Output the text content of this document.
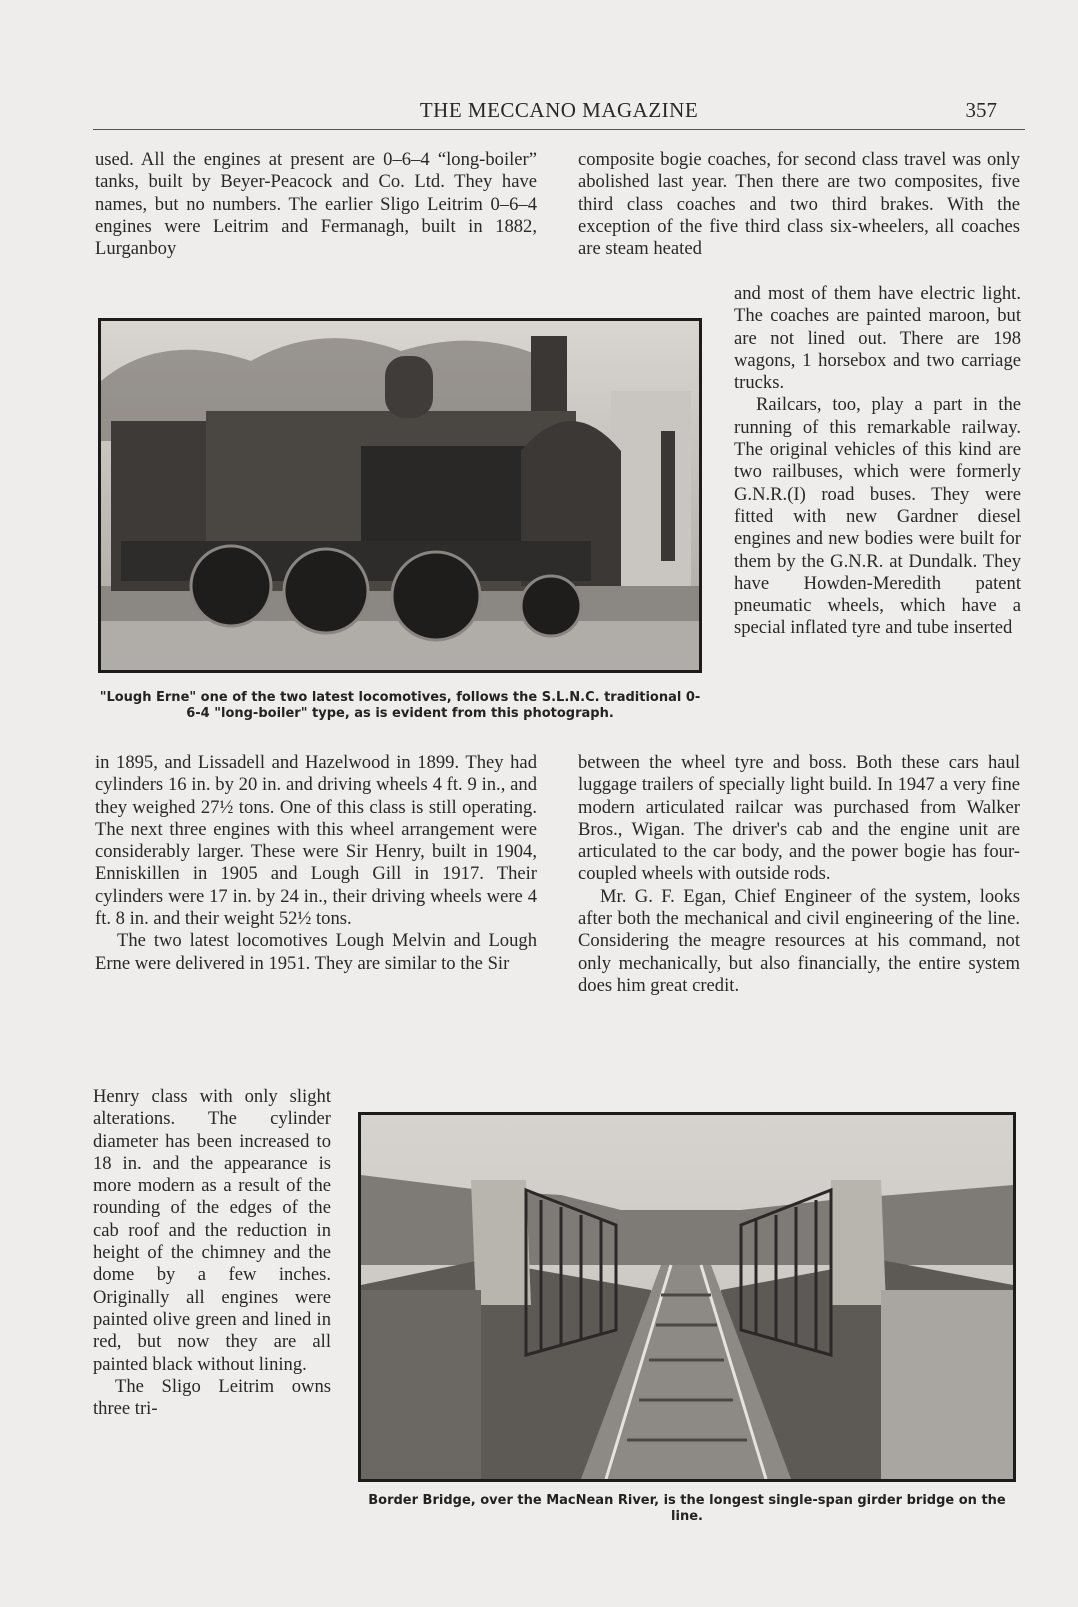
THE MECCANO MAGAZINE	357

used. All the engines at present are 0–6–4 “long-boiler” tanks, built by Beyer-Peacock and Co. Ltd. They have names, but no numbers. The earlier Sligo Leitrim 0–6–4 engines were Leitrim and Fermanagh, built in 1882, Lurganboy

composite bogie coaches, for second class travel was only abolished last year. Then there are two composites, five third class coaches and two third brakes. With the exception of the five third class six-wheelers, all coaches are steam heated

"Lough Erne" one of the two latest locomotives, follows the S.L.N.C. traditional 0-6-4 "long-boiler" type, as is evident from this photograph.

and most of them have electric light. The coaches are painted maroon, but are not lined out. There are 198 wagons, 1 horsebox and two carriage trucks.

Railcars, too, play a part in the running of this remarkable railway. The original vehicles of this kind are two railbuses, which were formerly G.N.R.(I) road buses. They were fitted with new Gardner diesel engines and new bodies were built for them by the G.N.R. at Dundalk. They have Howden-Meredith patent pneumatic wheels, which have a special inflated tyre and tube inserted

in 1895, and Lissadell and Hazelwood in 1899. They had cylinders 16 in. by 20 in. and driving wheels 4 ft. 9 in., and they weighed 27½ tons. One of this class is still operating. The next three engines with this wheel arrangement were considerably larger. These were Sir Henry, built in 1904, Enniskillen in 1905 and Lough Gill in 1917. Their cylinders were 17 in. by 24 in., their driving wheels were 4 ft. 8 in. and their weight 52½ tons.

The two latest locomotives Lough Melvin and Lough Erne were delivered in 1951. They are similar to the Sir

between the wheel tyre and boss. Both these cars haul luggage trailers of specially light build. In 1947 a very fine modern articulated railcar was purchased from Walker Bros., Wigan. The driver's cab and the engine unit are articulated to the car body, and the power bogie has four-coupled wheels with outside rods.

Mr. G. F. Egan, Chief Engineer of the system, looks after both the mechanical and civil engineering of the line. Considering the meagre resources at his command, not only mechanically, but also financially, the entire system does him great credit.

Henry class with only slight alterations. The cylinder diameter has been increased to 18 in. and the appearance is more modern as a result of the rounding of the edges of the cab roof and the reduction in height of the chimney and the dome by a few inches. Originally all engines were painted olive green and lined in red, but now they are all painted black without lining.

The Sligo Leitrim owns three tri-

Border Bridge, over the MacNean River, is the longest single-span girder bridge on the line.
